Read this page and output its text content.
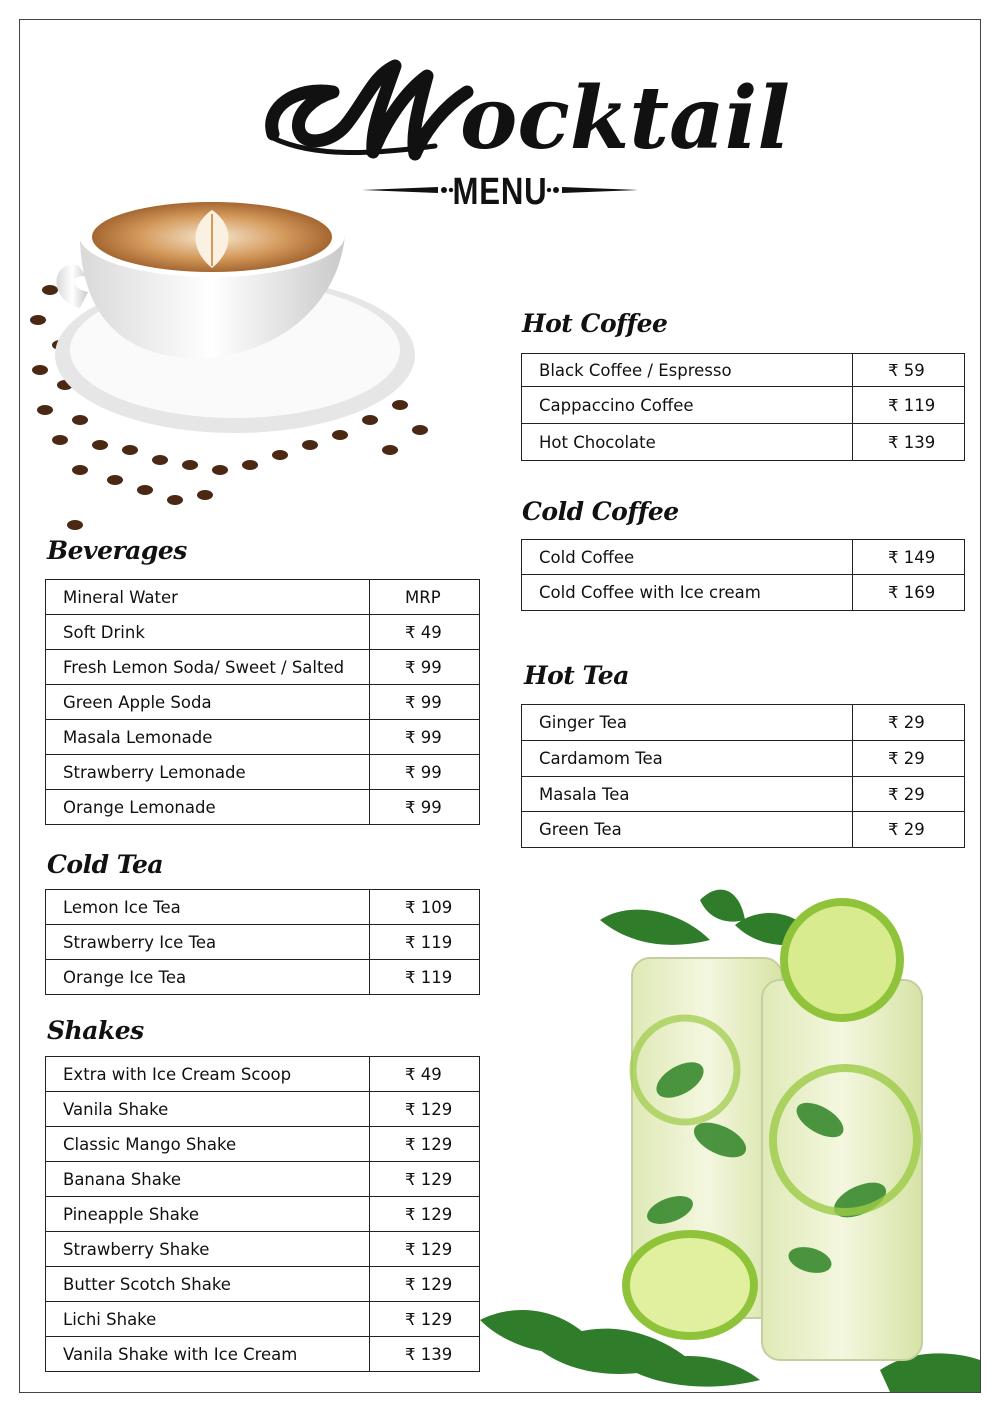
ocktail
MENU
Hot Coffee
Black Coffee / Espresso	₹ 59
Cappaccino Coffee	₹ 119
Hot Chocolate	₹ 139
Cold Coffee
Cold Coffee	₹ 149
Cold Coffee with Ice cream	₹ 169
Hot Tea
Ginger Tea	₹ 29
Cardamom Tea	₹ 29
Masala Tea	₹ 29
Green Tea	₹ 29
Beverages
Mineral Water	MRP
Soft Drink	₹ 49
Fresh Lemon Soda/ Sweet / Salted	₹ 99
Green Apple Soda	₹ 99
Masala Lemonade	₹ 99
Strawberry Lemonade	₹ 99
Orange Lemonade	₹ 99
Cold Tea
Lemon Ice Tea	₹ 109
Strawberry Ice Tea	₹ 119
Orange Ice Tea	₹ 119
Shakes
Extra with Ice Cream Scoop	₹ 49
Vanila Shake	₹ 129
Classic Mango Shake	₹ 129
Banana Shake	₹ 129
Pineapple Shake	₹ 129
Strawberry Shake	₹ 129
Butter Scotch Shake	₹ 129
Lichi Shake	₹ 129
Vanila Shake with Ice Cream	₹ 139
